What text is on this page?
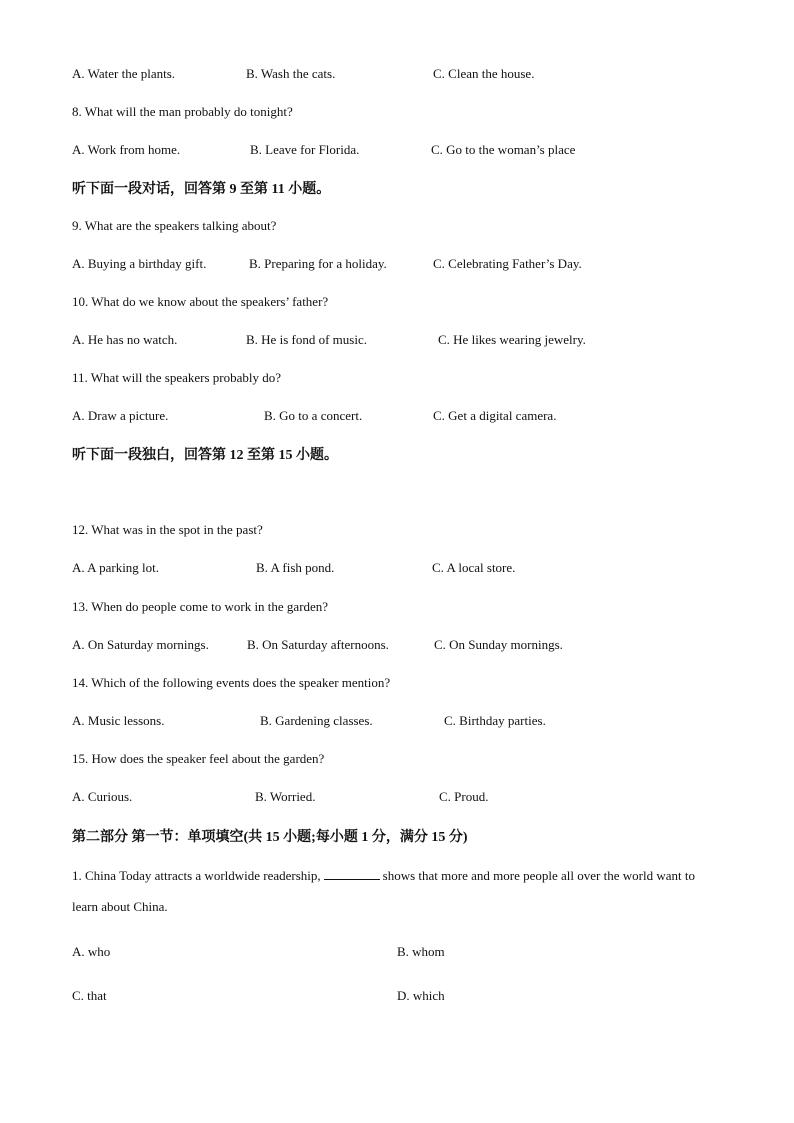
A. Water the plants.	B. Wash the cats.	C. Clean the house.
8. What will the man probably do tonight?
A. Work from home.	B. Leave for Florida.	C. Go to the woman’s place
听下面一段对话，回答第 9 至第 11 小题。
9. What are the speakers talking about?
A. Buying a birthday gift.	B. Preparing for a holiday.	C. Celebrating Father’s Day.
10. What do we know about the speakers’ father?
A. He has no watch.	B. He is fond of music.	C. He likes wearing jewelry.
11. What will the speakers probably do?
A. Draw a picture.	B. Go to a concert.	C. Get a digital camera.
听下面一段独白，回答第 12 至第 15 小题。
12. What was in the spot in the past?
A. A parking lot.	B. A fish pond.	C. A local store.
13. When do people come to work in the garden?
A. On Saturday mornings.	B. On Saturday afternoons.	C. On Sunday mornings.
14. Which of the following events does the speaker mention?
A. Music lessons.	B. Gardening classes.	C. Birthday parties.
15. How does the speaker feel about the garden?
A. Curious.	B. Worried.	C. Proud.
第二部分 第一节：单项填空(共 15 小题;每小题 1 分，满分 15 分)
1. China Today attracts a worldwide readership,	shows that more and more people all over the world want to learn about China.
A. who	B. whom
C. that	D. which
